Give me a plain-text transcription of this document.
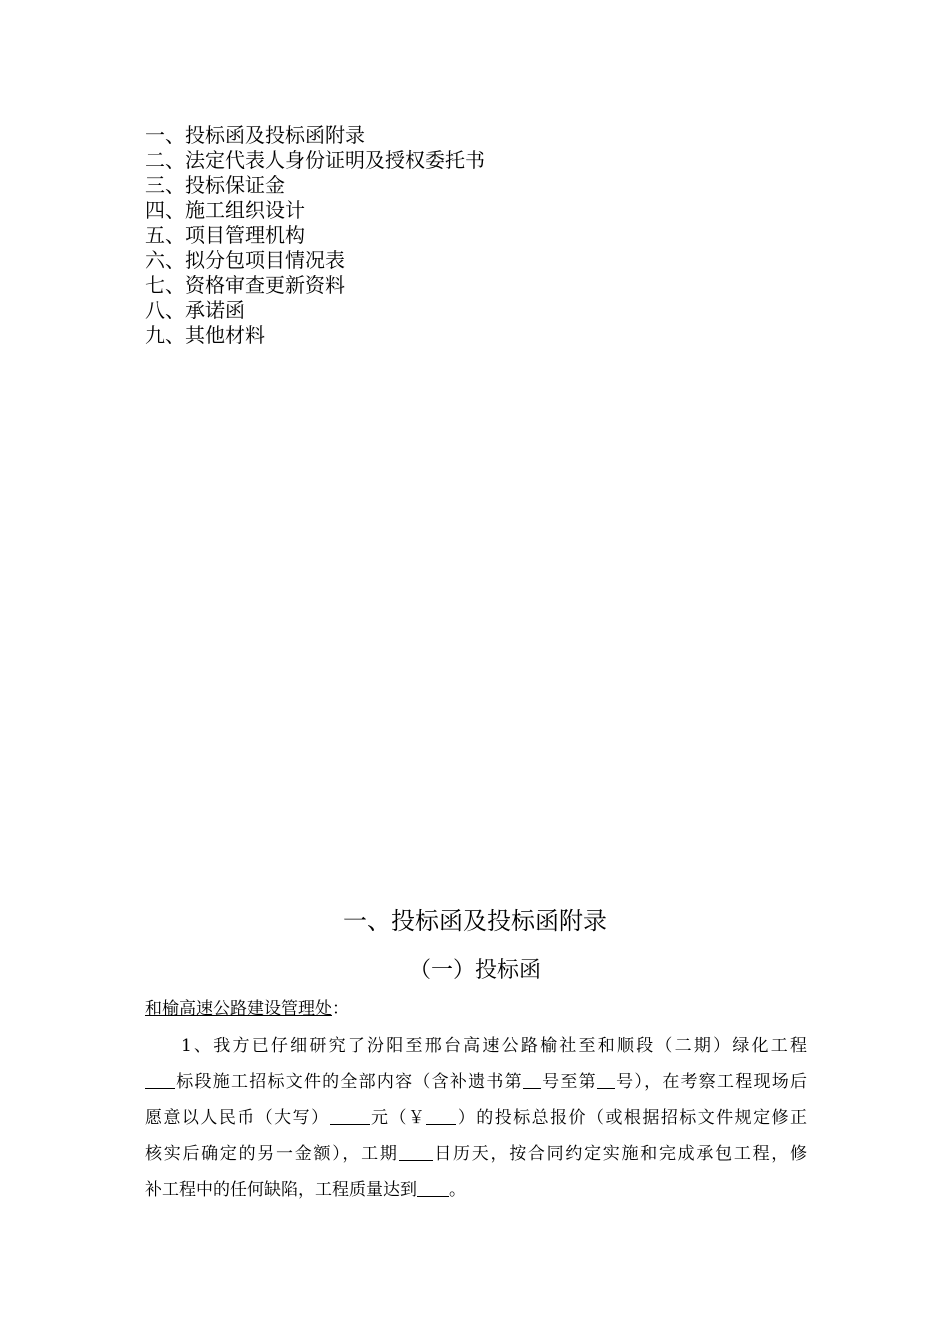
一、投标函及投标函附录
二、法定代表人身份证明及授权委托书
三、投标保证金
四、施工组织设计
五、项目管理机构
六、拟分包项目情况表
七、资格审查更新资料
八、承诺函
九、其他材料
一、投标函及投标函附录
（一）投标函
和榆高速公路建设管理处：
1、我方已仔细研究了汾阳至邢台高速公路榆社至和顺段（二期）绿化工程
标段施工招标文件的全部内容（含补遗书第 号至第 号），在考察工程现场后
愿意以人民币（大写） 元（￥ ）的投标总报价（或根据招标文件规定修正
核实后确定的另一金额），工期 日历天，按合同约定实施和完成承包工程，修
补工程中的任何缺陷，工程质量达到 。
